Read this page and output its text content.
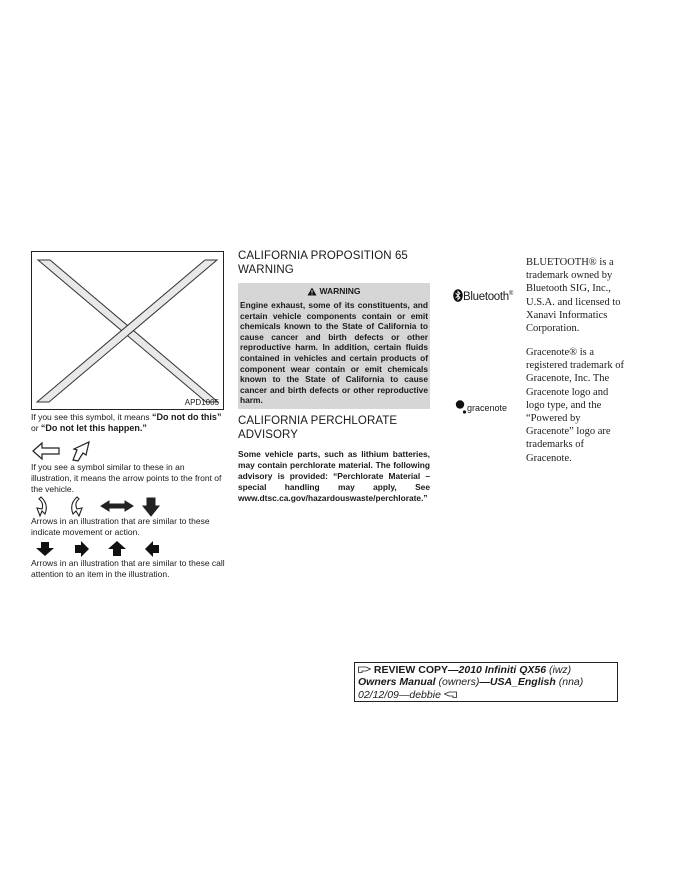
APD1005
If you see this symbol, it means “Do not do this”
or “Do not let this happen.”
If you see a symbol similar to these in an illustration, it means the arrow points to the front of the vehicle.
Arrows in an illustration that are similar to these indicate movement or action.
Arrows in an illustration that are similar to these call attention to an item in the illustration.
CALIFORNIA PROPOSITION 65
WARNING
WARNING
Engine exhaust, some of its constituents, and certain vehicle components contain or emit chemicals known to the State of California to cause cancer and birth defects or other reproductive harm. In addition, certain fluids contained in vehicles and certain products of component wear contain or emit chemicals known to the State of California to cause cancer and birth defects or other reproductive harm.
CALIFORNIA PERCHLORATE
ADVISORY
Some vehicle parts, such as lithium batteries, may contain perchlorate material. The following advisory is provided: “Perchlorate Material – special handling may apply, See www.dtsc.ca.gov/hazardouswaste/perchlorate.”
Bluetooth®
BLUETOOTH® is a
trademark owned by
Bluetooth SIG, Inc.,
U.S.A. and licensed to
Xanavi Informatics
Corporation.
gracenote
Gracenote® is a
registered trademark of
Gracenote, Inc. The
Gracenote logo and
logo type, and the
“Powered by
Gracenote” logo are
trademarks of
Gracenote.
REVIEW COPY—2010 Infiniti QX56 (iwz)
Owners Manual (owners)—USA_English (nna)
02/12/09—debbie
